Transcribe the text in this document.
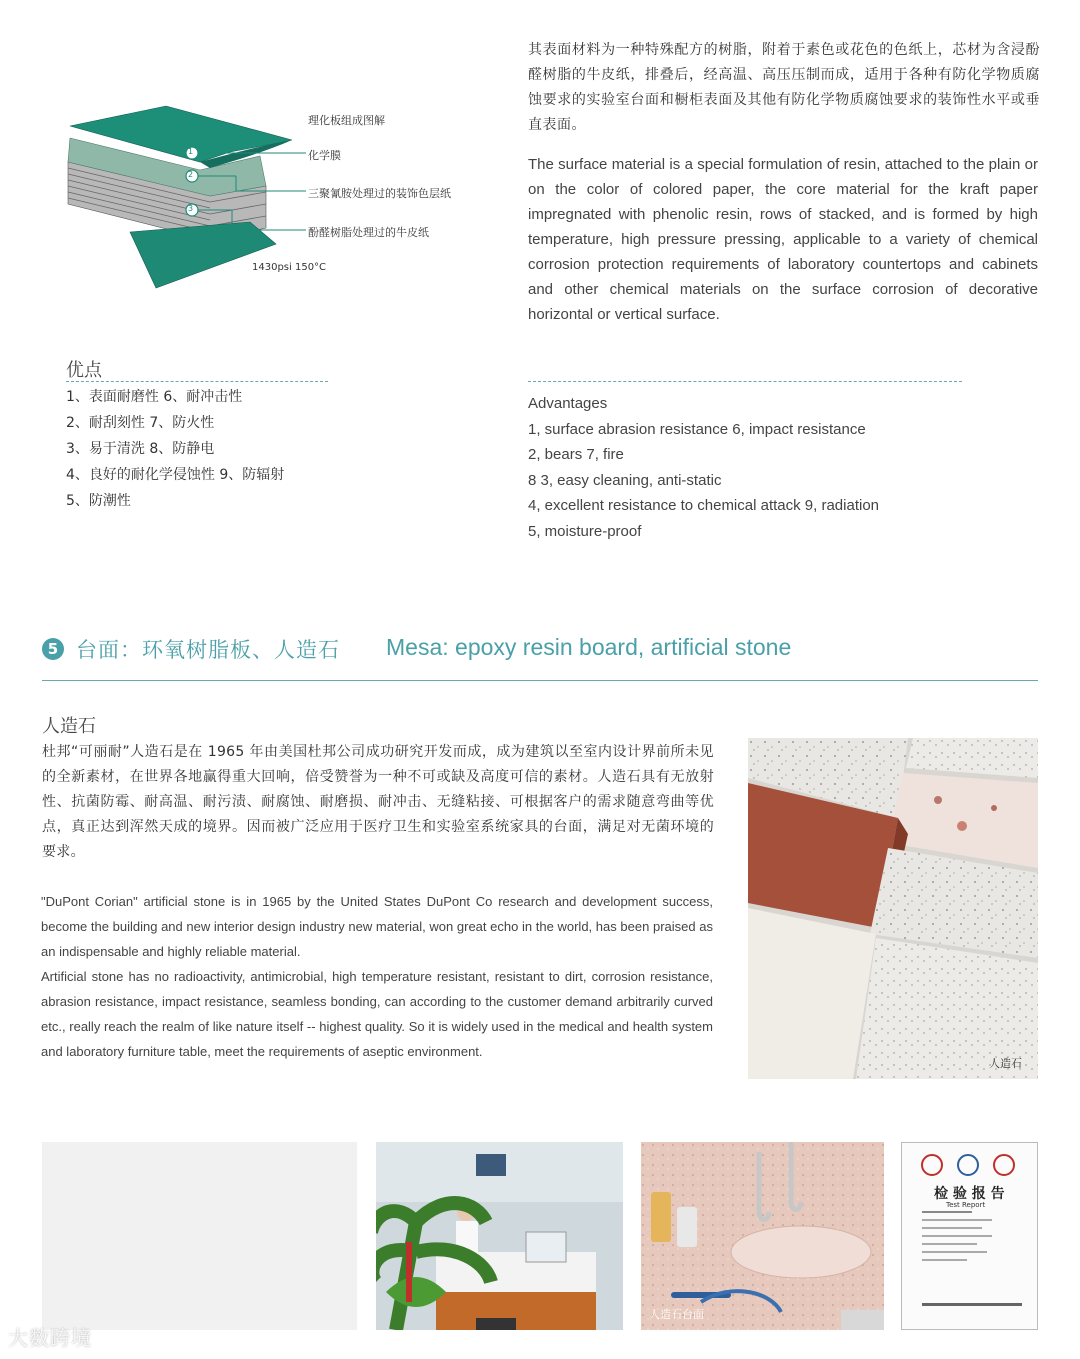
1
2
3
理化板组成图解
化学膜
三聚氰胺处理过的装饰色层纸
酚醛树脂处理过的牛皮纸
1430psi 150°C
其表面材料为一种特殊配方的树脂，附着于素色或花色的色纸上，芯材为含浸酚醛树脂的牛皮纸，排叠后，经高温、高压压制而成，适用于各种有防化学物质腐蚀要求的实验室台面和橱柜表面及其他有防化学物质腐蚀要求的装饰性水平或垂直表面。
The surface material is a special formulation of resin, attached to the plain or on the color of colored paper, the core material for the kraft paper impregnated with phenolic resin, rows of stacked, and is formed by high temperature, high pressure pressing, applicable to a variety of chemical corrosion protection requirements of laboratory countertops and cabinets and other chemical materials on the surface corrosion of decorative horizontal or vertical surface.
优点
1、表面耐磨性 6、耐冲击性
2、耐刮刻性 7、防火性
3、易于清洗 8、防静电
4、良好的耐化学侵蚀性 9、防辐射
5、防潮性
Advantages
1, surface abrasion resistance 6, impact resistance
2, bears 7, fire
8 3, easy cleaning, anti-static
4, excellent resistance to chemical attack 9, radiation
5, moisture-proof
5 台面：环氧树脂板、人造石 Mesa: epoxy resin board, artificial stone
人造石
杜邦“可丽耐”人造石是在 1965 年由美国杜邦公司成功研究开发而成，成为建筑以至室内设计界前所未见的全新素材，在世界各地赢得重大回响，倍受赞誉为一种不可或缺及高度可信的素材。人造石具有无放射性、抗菌防霉、耐高温、耐污渍、耐腐蚀、耐磨损、耐冲击、无缝粘接、可根据客户的需求随意弯曲等优点，真正达到浑然天成的境界。因而被广泛应用于医疗卫生和实验室系统家具的台面，满足对无菌环境的要求。

"DuPont Corian" artificial stone is in 1965 by the United States DuPont Co research and development success, become the building and new interior design industry new material, won great echo in the world, has been praised as an indispensable and highly reliable material.

Artificial stone has no radioactivity, antimicrobial, high temperature resistant, resistant to dirt, corrosion resistance, abrasion resistance, impact resistance, seamless bonding, can according to the customer demand arbitrarily curved etc., really reach the realm of like nature itself -- highest quality. So it is widely used in the medical and health system and laboratory furniture table, meet the requirements of aseptic environment.

人造石
人造石台面
检 验 报 告
Test Report
大数跨境
